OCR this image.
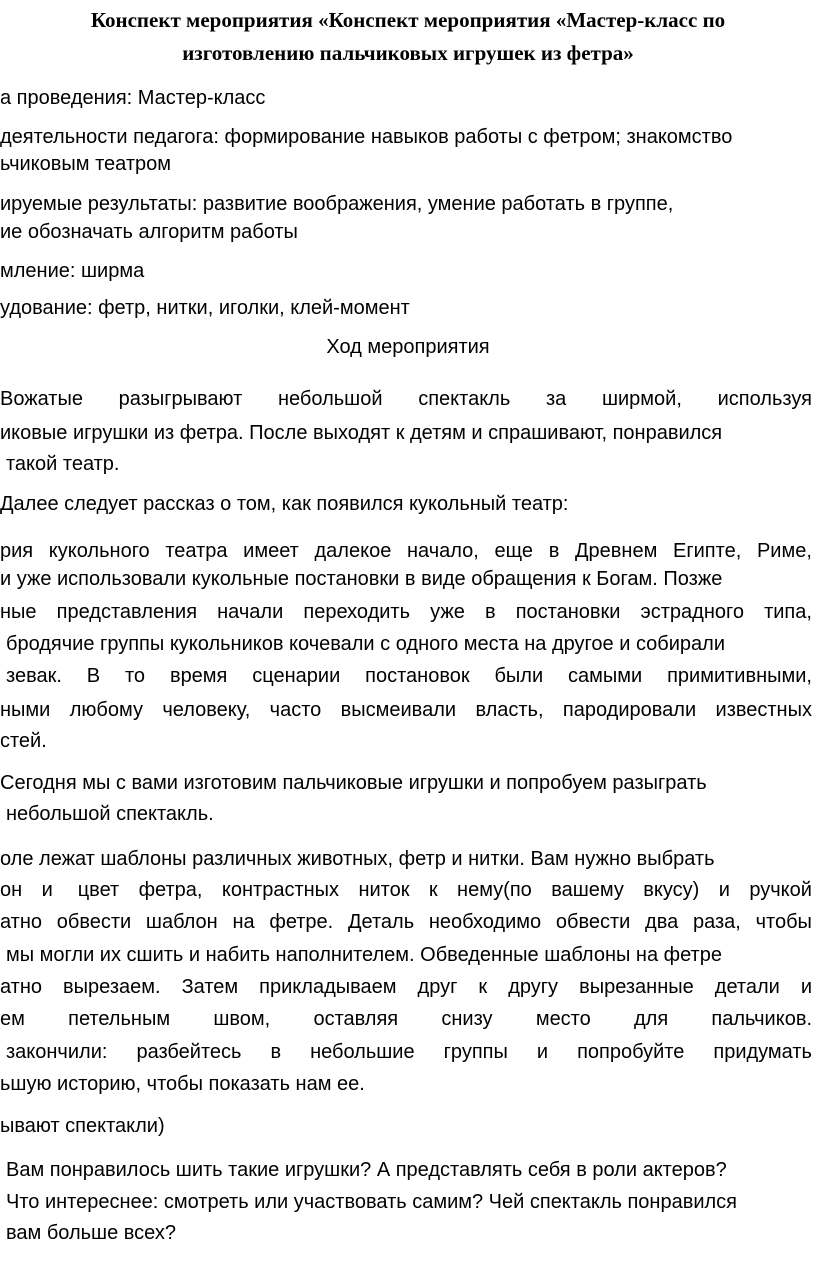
Конспект мероприятия «Конспект мероприятия «Мастер-класс по
изготовлению пальчиковых игрушек из фетра»
а проведения: Мастер-класс
деятельности педагога: формирование навыков работы с фетром; знакомство
ьчиковым театром
ируемые результаты: развитие воображения, умение работать в группе,
ие обозначать алгоритм работы
мление: ширма
удование: фетр, нитки, иголки, клей-момент
Ход мероприятия
Вожатые разыгрывают небольшой спектакль за ширмой, используя
иковые игрушки из фетра. После выходят к детям и спрашивают, понравился
такой театр.
Далее следует рассказ о том, как появился кукольный театр:
рия кукольного театра имеет далекое начало, еще в Древнем Египте, Риме,
и уже использовали кукольные постановки в виде обращения к Богам. Позже
ные представления начали переходить уже в постановки эстрадного типа,
бродячие группы кукольников кочевали с одного места на другое и собирали
зевак. В то время сценарии постановок были самыми примитивными,
ными любому человеку, часто высмеивали власть, пародировали известных
стей.
Сегодня мы с вами изготовим пальчиковые игрушки и попробуем разыграть
небольшой спектакль.
оле лежат шаблоны различных животных, фетр и нитки. Вам нужно выбрать
он и цвет фетра, контрастных ниток к нему(по вашему вкусу) и ручкой
атно обвести шаблон на фетре. Деталь необходимо обвести два раза, чтобы
мы могли их сшить и набить наполнителем. Обведенные шаблоны на фетре
атно вырезаем. Затем прикладываем друг к другу вырезанные детали и
ем петельным швом, оставляя снизу место для пальчиков.
закончили: разбейтесь в небольшие группы и попробуйте придумать
ьшую историю, чтобы показать нам ее.
ывают спектакли)
Вам понравилось шить такие игрушки? А представлять себя в роли актеров?
Что интереснее: смотреть или участвовать самим? Чей спектакль понравился
вам больше всех?
